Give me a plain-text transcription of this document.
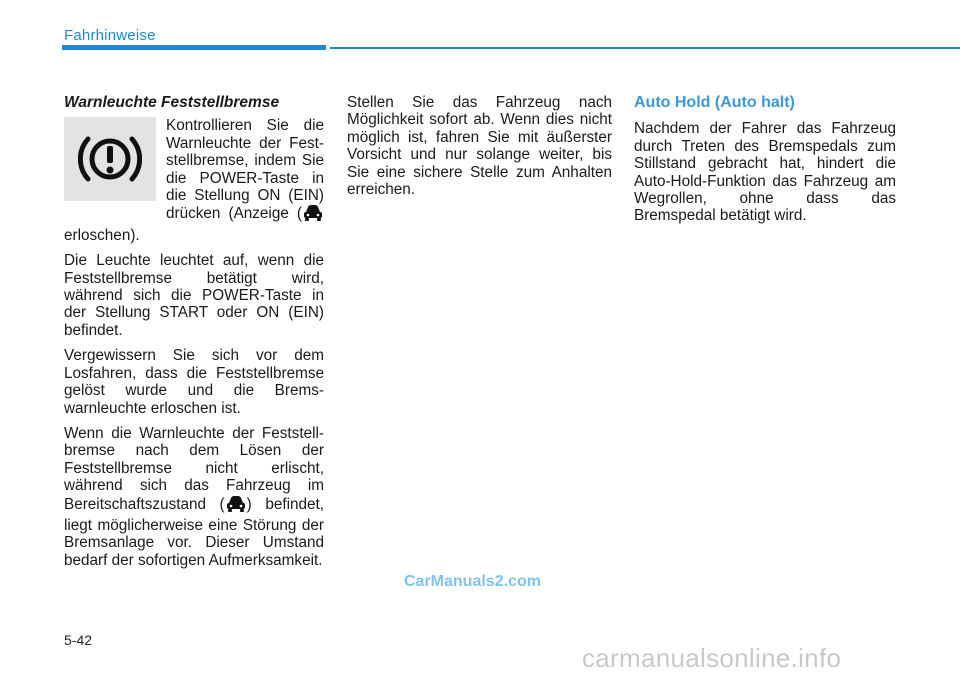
Fahrhinweise
Warnleuchte Feststellbremse

Kontrollieren Sie die Warnleuchte der Feststellbremse, indem Sie die POWER-Taste in die Stellung ON (EIN) drücken (Anzeige ( erloschen).

Die Leuchte leuchtet auf, wenn die Feststellbremse betätigt wird, während sich die POWER-Taste in der Stellung START oder ON (EIN) befindet.

Vergewissern Sie sich vor dem Losfahren, dass die Feststellbremse gelöst wurde und die Bremswarnleuchte erloschen ist.

Wenn die Warnleuchte der Feststellbremse nach dem Lösen der Feststellbremse nicht erlischt, während sich das Fahrzeug im Bereitschaftszustand ( ) befindet, liegt möglicherweise eine Störung der Bremsanlage vor. Dieser Umstand bedarf der sofortigen Aufmerksamkeit.

Stellen Sie das Fahrzeug nach Möglichkeit sofort ab. Wenn dies nicht möglich ist, fahren Sie mit äußerster Vorsicht und nur solange weiter, bis Sie eine sichere Stelle zum Anhalten erreichen.

Auto Hold (Auto halt)

Nachdem der Fahrer das Fahrzeug durch Treten des Bremspedals zum Stillstand gebracht hat, hindert die Auto-Hold-Funktion das Fahrzeug am Wegrollen, ohne dass das Bremspedal betätigt wird.

CarManuals2.com
5-42
carmanualsonline.info
